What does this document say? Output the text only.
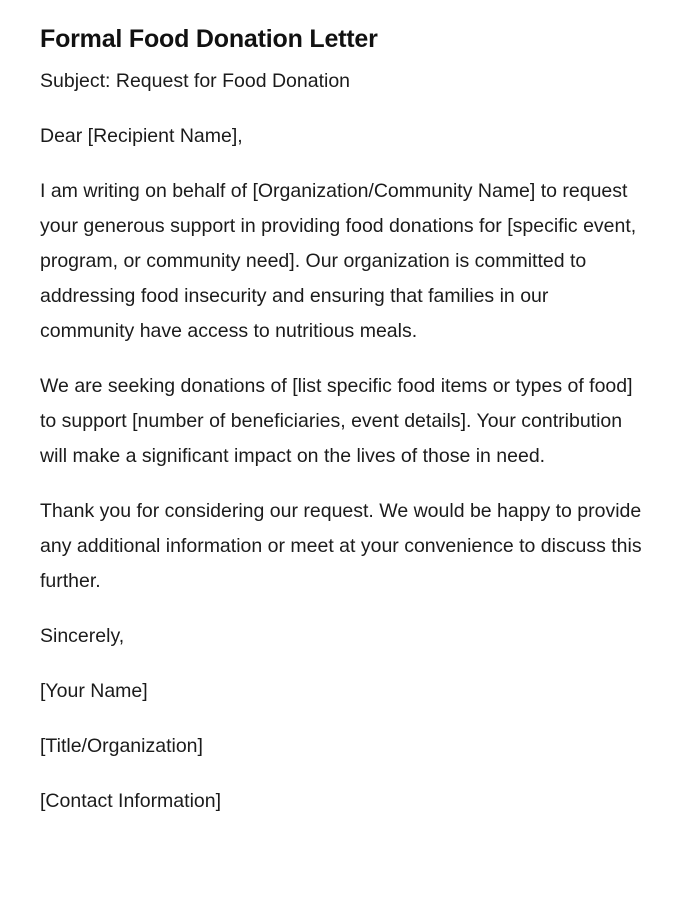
Formal Food Donation Letter

Subject: Request for Food Donation

Dear [Recipient Name],

I am writing on behalf of [Organization/Community Name] to request your generous support in providing food donations for [specific event, program, or community need]. Our organization is committed to addressing food insecurity and ensuring that families in our community have access to nutritious meals.

We are seeking donations of [list specific food items or types of food] to support [number of beneficiaries, event details]. Your contribution will make a significant impact on the lives of those in need.

Thank you for considering our request. We would be happy to provide any additional information or meet at your convenience to discuss this further.

Sincerely,

[Your Name]

[Title/Organization]

[Contact Information]
